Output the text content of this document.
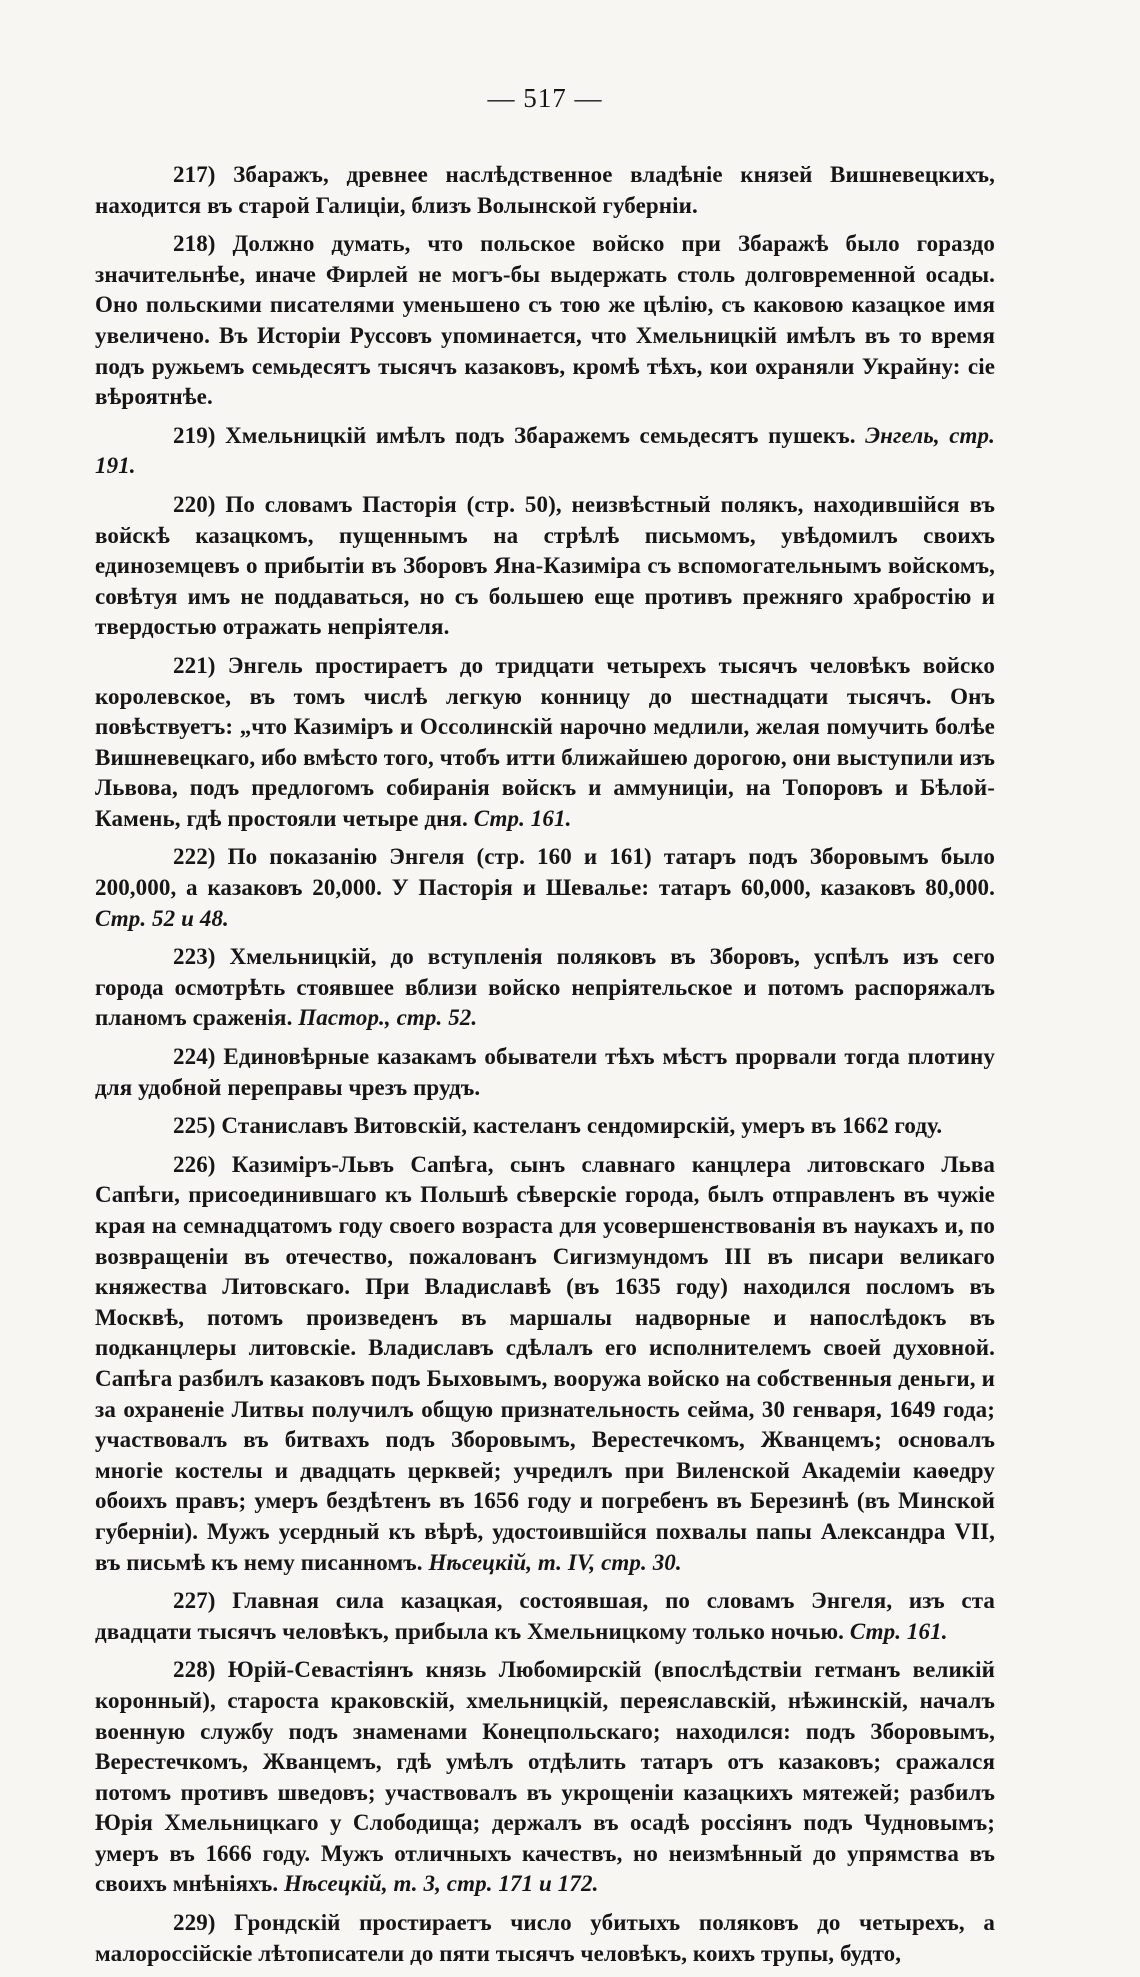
— 517 —

217) Збаражъ, древнее наслѣдственное владѣніе князей Вишневецкихъ, находится въ старой Галиціи, близъ Волынской губерніи.

218) Должно думать, что польское войско при Збаражѣ было гораздо значительнѣе, иначе Фирлей не могъ-бы выдержать столь долговременной осады. Оно польскими писателями уменьшено съ тою же цѣлію, съ каковою казацкое имя увеличено. Въ Исторіи Руссовъ упоминается, что Хмельницкій имѣлъ въ то время подъ ружьемъ семьдесятъ тысячъ казаковъ, кромѣ тѣхъ, кои охраняли Украйну: сіе вѣроятнѣе.

219) Хмельницкій имѣлъ подъ Збаражемъ семьдесятъ пушекъ. Энгель, стр. 191.

220) По словамъ Пасторія (стр. 50), неизвѣстный полякъ, находившійся въ войскѣ казацкомъ, пущеннымъ на стрѣлѣ письмомъ, увѣдомилъ своихъ единоземцевъ о прибытіи въ Зборовъ Яна-Казиміра съ вспомогательнымъ войскомъ, совѣтуя имъ не поддаваться, но съ большею еще противъ прежняго храбростію и твердостью отражать непріятеля.

221) Энгель простираетъ до тридцати четырехъ тысячъ человѣкъ войско королевское, въ томъ числѣ легкую конницу до шестнадцати тысячъ. Онъ повѣствуетъ: „что Казиміръ и Оссолинскій нарочно медлили, желая помучить болѣе Вишневецкаго, ибо вмѣсто того, чтобъ итти ближайшею дорогою, они выступили изъ Львова, подъ предлогомъ собиранія войскъ и аммуниціи, на Топоровъ и Бѣлой-Камень, гдѣ простояли четыре дня. Стр. 161.

222) По показанію Энгеля (стр. 160 и 161) татаръ подъ Зборовымъ было 200,000, а казаковъ 20,000. У Пасторія и Шевалье: татаръ 60,000, казаковъ 80,000. Стр. 52 и 48.

223) Хмельницкій, до вступленія поляковъ въ Зборовъ, успѣлъ изъ сего города осмотрѣть стоявшее вблизи войско непріятельское и потомъ распоряжалъ планомъ сраженія. Пастор., стр. 52.

224) Единовѣрные казакамъ обыватели тѣхъ мѣстъ прорвали тогда плотину для удобной переправы чрезъ прудъ.

225) Станиславъ Витовскій, кастеланъ сендомирскій, умеръ въ 1662 году.

226) Казиміръ-Львъ Сапѣга, сынъ славнаго канцлера литовскаго Льва Сапѣги, присоединившаго къ Польшѣ сѣверскіе города, былъ отправленъ въ чужіе края на семнадцатомъ году своего возраста для усовершенствованія въ наукахъ и, по возвращеніи въ отечество, пожалованъ Сигизмундомъ III въ писари великаго княжества Литовскаго. При Владиславѣ (въ 1635 году) находился посломъ въ Москвѣ, потомъ произведенъ въ маршалы надворные и напослѣдокъ въ подканцлеры литовскіе. Владиславъ сдѣлалъ его исполнителемъ своей духовной. Сапѣга разбилъ казаковъ подъ Быховымъ, вооружа войско на собственныя деньги, и за охраненіе Литвы получилъ общую признательность сейма, 30 генваря, 1649 года; участвовалъ въ битвахъ подъ Зборовымъ, Верестечкомъ, Жванцемъ; основалъ многіе костелы и двадцать церквей; учредилъ при Виленской Академіи каѳедру обоихъ правъ; умеръ бездѣтенъ въ 1656 году и погребенъ въ Березинѣ (въ Минской губерніи). Мужъ усердный къ вѣрѣ, удостоившійся похвалы папы Александра VII, въ письмѣ къ нему писанномъ. Нѣсецкій, т. IV, стр. 30.

227) Главная сила казацкая, состоявшая, по словамъ Энгеля, изъ ста двадцати тысячъ человѣкъ, прибыла къ Хмельницкому только ночью. Стр. 161.

228) Юрій-Севастіянъ князь Любомирскій (впослѣдствіи гетманъ великій коронный), староста краковскій, хмельницкій, переяславскій, нѣжинскій, началъ военную службу подъ знаменами Конецпольскаго; находился: подъ Зборовымъ, Верестечкомъ, Жванцемъ, гдѣ умѣлъ отдѣлить татаръ отъ казаковъ; сражался потомъ противъ шведовъ; участвовалъ въ укрощеніи казацкихъ мятежей; разбилъ Юрія Хмельницкаго у Слободища; держалъ въ осадѣ россіянъ подъ Чудновымъ; умеръ въ 1666 году. Мужъ отличныхъ качествъ, но неизмѣнный до упрямства въ своихъ мнѣніяхъ. Нѣсецкій, т. 3, стр. 171 и 172.

229) Грондскій простираетъ число убитыхъ поляковъ до четырехъ, а малороссійскіе лѣтописатели до пяти тысячъ человѣкъ, коихъ трупы, будто,
